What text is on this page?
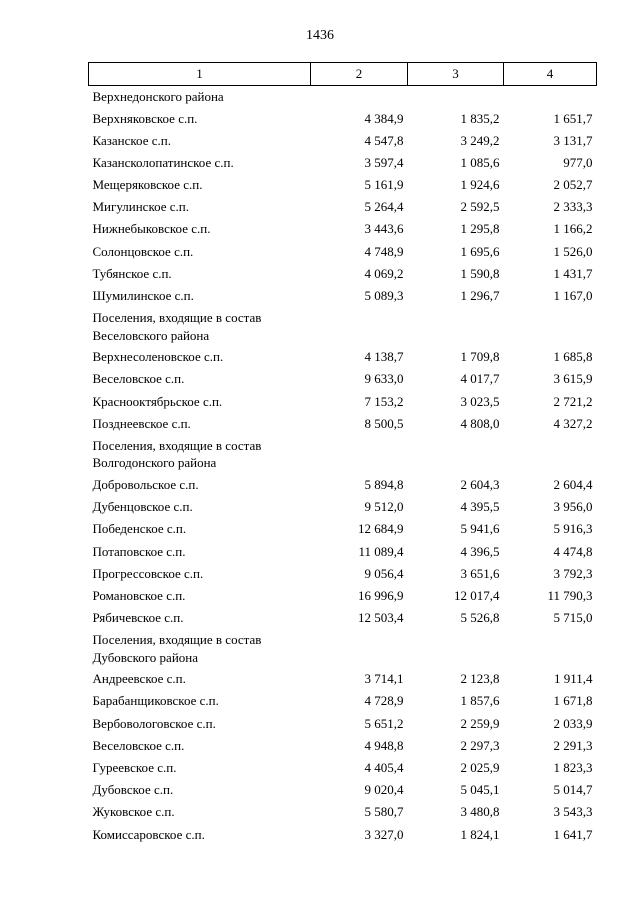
1436
1	2	3	4
Верхнедонского района			
Верхняковское с.п.	4 384,9	1 835,2	1 651,7
Казанское с.п.	4 547,8	3 249,2	3 131,7
Казансколопатинское с.п.	3 597,4	1 085,6	977,0
Мещеряковское с.п.	5 161,9	1 924,6	2 052,7
Мигулинское с.п.	5 264,4	2 592,5	2 333,3
Нижнебыковское с.п.	3 443,6	1 295,8	1 166,2
Солонцовское с.п.	4 748,9	1 695,6	1 526,0
Тубянское с.п.	4 069,2	1 590,8	1 431,7
Шумилинское с.п.	5 089,3	1 296,7	1 167,0
Поселения, входящие в состав Веселовского района			
Верхнесоленовское с.п.	4 138,7	1 709,8	1 685,8
Веселовское с.п.	9 633,0	4 017,7	3 615,9
Краснооктябрьское с.п.	7 153,2	3 023,5	2 721,2
Позднеевское с.п.	8 500,5	4 808,0	4 327,2
Поселения, входящие в состав Волгодонского района			
Добровольское с.п.	5 894,8	2 604,3	2 604,4
Дубенцовское с.п.	9 512,0	4 395,5	3 956,0
Победенское с.п.	12 684,9	5 941,6	5 916,3
Потаповское с.п.	11 089,4	4 396,5	4 474,8
Прогрессовское с.п.	9 056,4	3 651,6	3 792,3
Романовское с.п.	16 996,9	12 017,4	11 790,3
Рябичевское с.п.	12 503,4	5 526,8	5 715,0
Поселения, входящие в состав Дубовского района			
Андреевское с.п.	3 714,1	2 123,8	1 911,4
Барабанщиковское с.п.	4 728,9	1 857,6	1 671,8
Вербовологовское с.п.	5 651,2	2 259,9	2 033,9
Веселовское с.п.	4 948,8	2 297,3	2 291,3
Гуреевское с.п.	4 405,4	2 025,9	1 823,3
Дубовское с.п.	9 020,4	5 045,1	5 014,7
Жуковское с.п.	5 580,7	3 480,8	3 543,3
Комиссаровское с.п.	3 327,0	1 824,1	1 641,7
